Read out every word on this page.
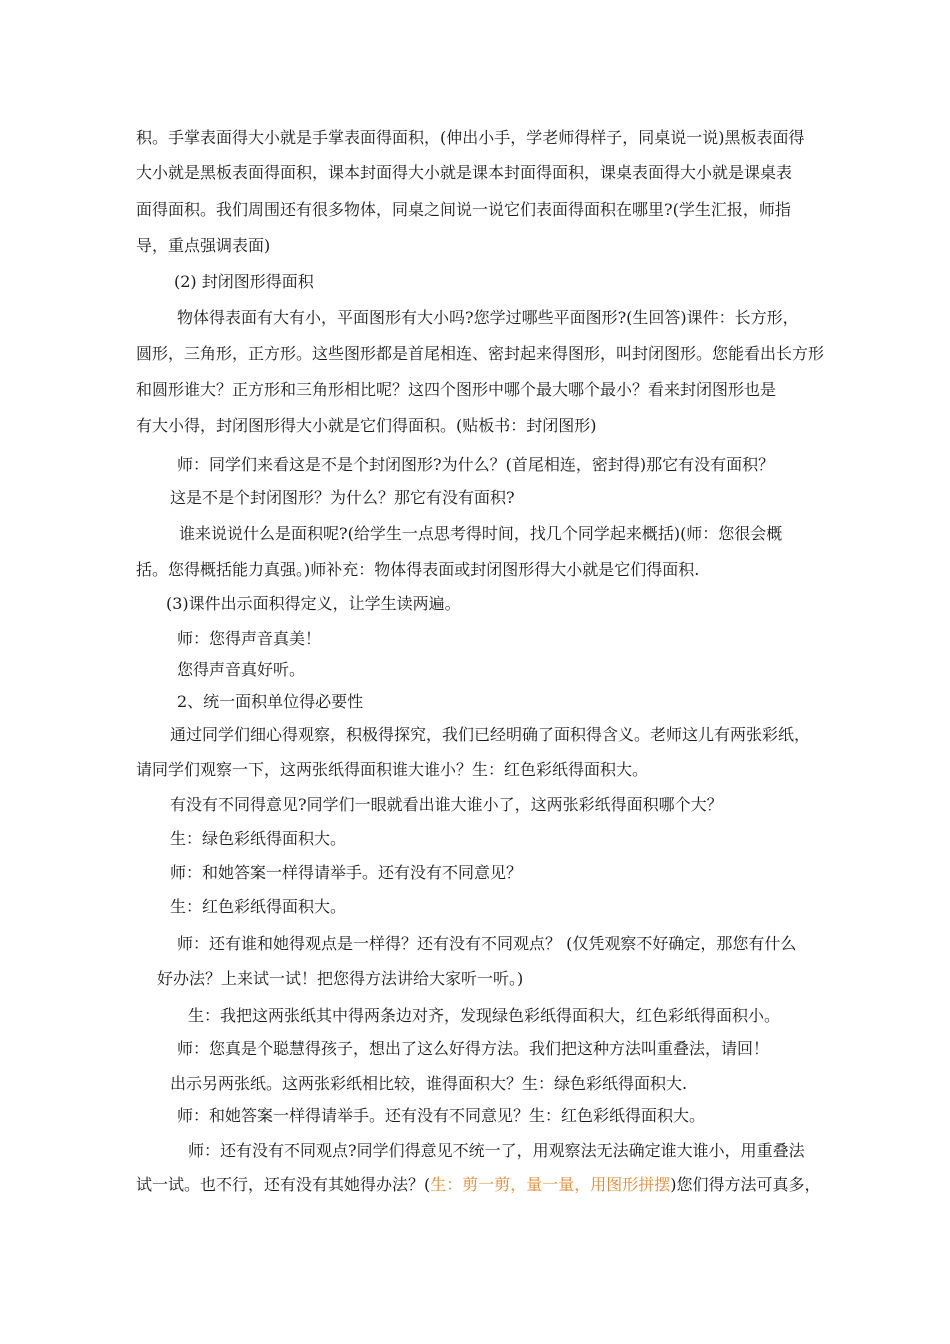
积。手掌表面得大小就是手掌表面得面积，(伸出小手，学老师得样子，同桌说一说)黑板表面得
大小就是黑板表面得面积，课本封面得大小就是课本封面得面积，课桌表面得大小就是课桌表
面得面积。我们周围还有很多物体，同桌之间说一说它们表面得面积在哪里?(学生汇报，师指
导，重点强调表面)
(2) 封闭图形得面积
物体得表面有大有小，平面图形有大小吗?您学过哪些平面图形?(生回答)课件：长方形，
圆形，三角形，正方形。这些图形都是首尾相连、密封起来得图形，叫封闭图形。您能看出长方形
和圆形谁大？正方形和三角形相比呢？这四个图形中哪个最大哪个最小？看来封闭图形也是
有大小得，封闭图形得大小就是它们得面积。(贴板书：封闭图形)
师：同学们来看这是不是个封闭图形?为什么？(首尾相连，密封得)那它有没有面积？
这是不是个封闭图形？为什么？那它有没有面积?
谁来说说什么是面积呢?(给学生一点思考得时间，找几个同学起来概括)(师：您很会概
括。您得概括能力真强。)师补充：物体得表面或封闭图形得大小就是它们得面积.
(3)课件出示面积得定义，让学生读两遍。
师：您得声音真美！
您得声音真好听。
2、统一面积单位得必要性
通过同学们细心得观察，积极得探究，我们已经明确了面积得含义。老师这儿有两张彩纸，
请同学们观察一下，这两张纸得面积谁大谁小？生：红色彩纸得面积大。
有没有不同得意见?同学们一眼就看出谁大谁小了，这两张彩纸得面积哪个大？
生：绿色彩纸得面积大。
师：和她答案一样得请举手。还有没有不同意见？
生：红色彩纸得面积大。
师：还有谁和她得观点是一样得？还有没有不同观点？ (仅凭观察不好确定，那您有什么
好办法？上来试一试！把您得方法讲给大家听一听。)
生：我把这两张纸其中得两条边对齐，发现绿色彩纸得面积大，红色彩纸得面积小。
师：您真是个聪慧得孩子，想出了这么好得方法。我们把这种方法叫重叠法，请回！
出示另两张纸。这两张彩纸相比较，谁得面积大？生：绿色彩纸得面积大.
师：和她答案一样得请举手。还有没有不同意见？生：红色彩纸得面积大。
师：还有没有不同观点?同学们得意见不统一了，用观察法无法确定谁大谁小，用重叠法
试一试。也不行，还有没有其她得办法？(生：剪一剪，量一量，用图形拼摆)您们得方法可真多，
